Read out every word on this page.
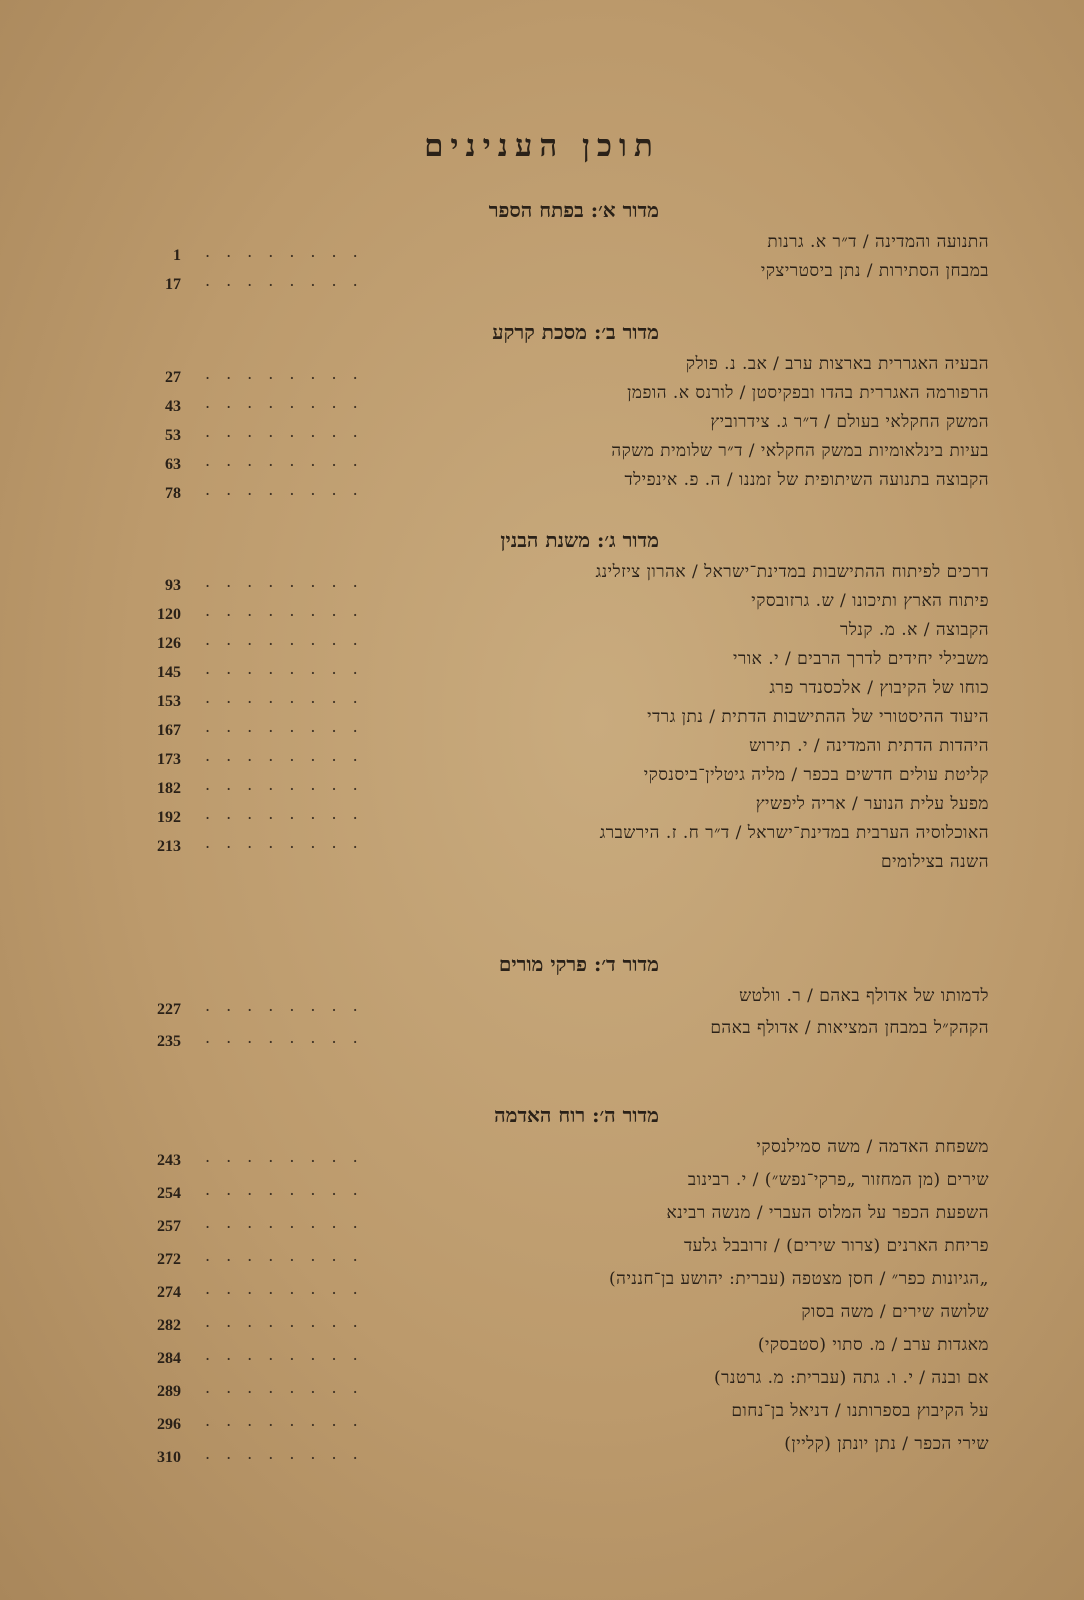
תוכן הענינים
מדור א׳: בפתח הספר
התנועה והמדינה / ד״ר א. גרנות
........
1
במבחן הסתירות / נתן ביסטריצקי
........
17
מדור ב׳: מסכת קרקע
הבעיה האגררית בארצות ערב / אב. נ. פולק
........
27
הרפורמה האגררית בהדו ובפקיסטן / לורנס א. הופמן
........
43
המשק החקלאי בעולם / ד״ר ג. צידרוביץ
........
53
בעיות בינלאומיות במשק החקלאי / ד״ר שלומית משקה
........
63
הקבוצה בתנועה השיתופית של זמננו / ה. פ. אינפילד
........
78
מדור ג׳: משנת הבנין
דרכים לפיתוח ההתישבות במדינת־ישראל / אהרון ציזלינג
........
93
פיתוח הארץ ותיכונו / ש. גרזובסקי
........
120
הקבוצה / א. מ. קנלר
........
126
משבילי יחידים לדרך הרבים / י. אורי
........
145
כוחו של הקיבוץ / אלכסנדר פרג
........
153
היעוד ההיסטורי של ההתישבות הדתית / נתן גרדי
........
167
היהדות הדתית והמדינה / י. תירוש
........
173
קליטת עולים חדשים בכפר / מליה גיטלין־ביסנסקי
........
182
מפעל עלית הנוער / אריה ליפשיץ
........
192
האוכלוסיה הערבית במדינת־ישראל / ד״ר ח. ז. הירשברג
........
213
השנה בצילומים
מדור ד׳: פרקי מורים
לדמותו של אדולף באהם / ר. וולטש
........
227
הקהק״ל במבחן המציאות / אדולף באהם
........
235
מדור ה׳: רוח האדמה
משפחת האדמה / משה סמילנסקי
........
243
שירים (מן המחזור „פרקי־נפש״) / י. רבינוב
........
254
השפעת הכפר על המלוס העברי / מנשה רבינא
........
257
פריחת הארנים (צרור שירים) / זרובבל גלעד
........
272
„הגיונות כפר״ / חסן מצטפה (עברית: יהושע בן־חנניה)
........
274
שלושה שירים / משה בסוק
........
282
מאגדות ערב / מ. סתוי (סטבסקי)
........
284
אם ובנה / י. ו. גתה (עברית: מ. גרטנר)
........
289
על הקיבוץ בספרותנו / דניאל בן־נחום
........
296
שירי הכפר / נתן יונתן (קליין)
........
310
